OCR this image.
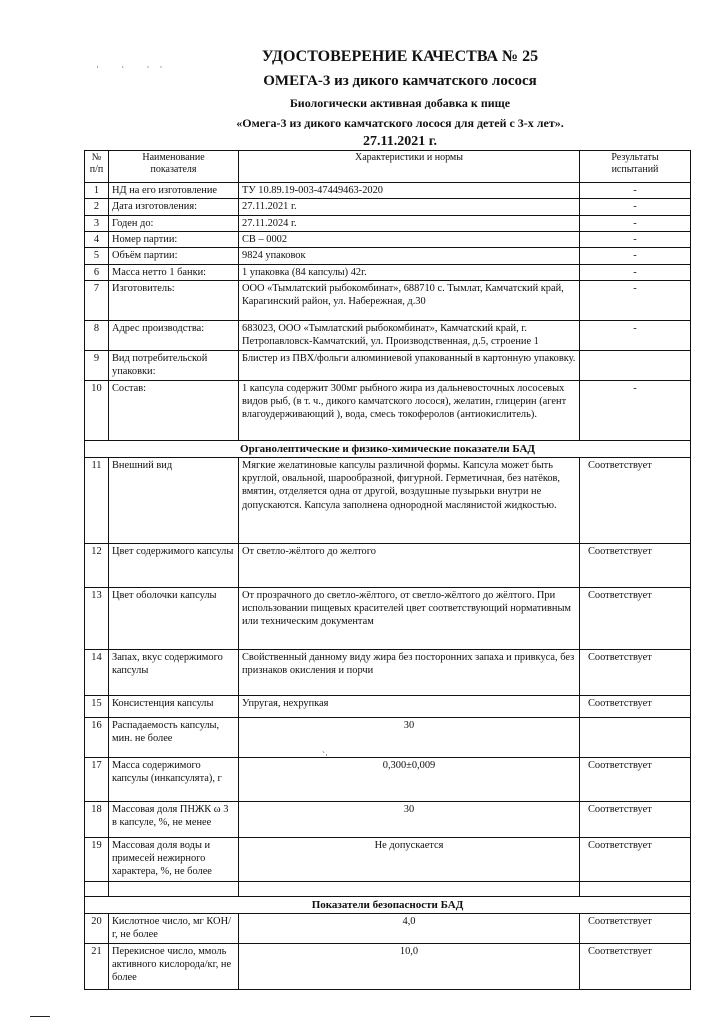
· · ··
УДОСТОВЕРЕНИЕ КАЧЕСТВА № 25
ОМЕГА-3 из дикого камчатского лосося
Биологически активная добавка к пище
«Омега-3 из дикого камчатского лосося для детей с 3-х лет».
27.11.2021 г.
№
п/п	Наименование
показателя	Характеристики и нормы	Результаты
испытаний
1	НД на его изготовление	ТУ 10.89.19-003-47449463-2020	-
2	Дата изготовления:	27.11.2021 г.	-
3	Годен до:	27.11.2024 г.	-
4	Номер партии:	СВ – 0002	-
5	Объём партии:	9824 упаковок	-
6	Масса нетто 1 банки:	1 упаковка (84 капсулы) 42г.	-
7	Изготовитель:	ООО «Тымлатский рыбокомбинат», 688710 с. Тымлат, Камчатский край, Карагинский район, ул. Набережная, д.30	-
8	Адрес производства:	683023, ООО «Тымлатский рыбокомбинат», Камчатский край, г. Петропавловск-Камчатский, ул. Производственная, д.5, строение 1	-
9	Вид потребительской упаковки:	Блистер из ПВХ/фольги алюминиевой упакованный в картонную упаковку.	
10	Состав:	1 капсула содержит 300мг рыбного жира из дальневосточных лососевых видов рыб, (в т. ч., дикого камчатского лосося), желатин, глицерин (агент влагоудерживающий ), вода, смесь токоферолов (антиокислитель).	-
Органолептические и физико-химические показатели БАД			
11	Внешний вид	Мягкие желатиновые капсулы различной формы. Капсула может быть круглой, овальной, шарообразной, фигурной. Герметичная, без натёков, вмятин, отделяется одна от другой, воздушные пузырьки внутри не допускаются. Капсула заполнена однородной маслянистой жидкостью.	Соответствует
12	Цвет содержимого капсулы	От светло-жёлтого до желтого	Соответствует
13	Цвет оболочки капсулы	От прозрачного до светло-жёлтого, от светло-жёлтого до жёлтого. При использовании пищевых красителей цвет соответствующий нормативным или техническим документам	Соответствует
14	Запах, вкус содержимого капсулы	Свойственный данному виду жира без посторонних запаха и привкуса, без признаков окисления и порчи	Соответствует
15	Консистенция капсулы	Упругая, нехрупкая	Соответствует
16	Распадаемость капсулы, мин. не более	30	
17	Масса содержимого капсулы (инкапсулята), г	0,300±0,009	Соответствует
18	Массовая доля ПНЖК ω 3 в капсуле, %, не менее	30	Соответствует
19	Массовая доля воды и примесей нежирного характера, %, не более	Не допускается	Соответствует

Показатели безопасности БАД			
20	Кислотное число, мг КОН/г, не более	4,0	Соответствует
21	Перекисное число, ммоль активного кислорода/кг, не более	10,0	Соответствует
`·
